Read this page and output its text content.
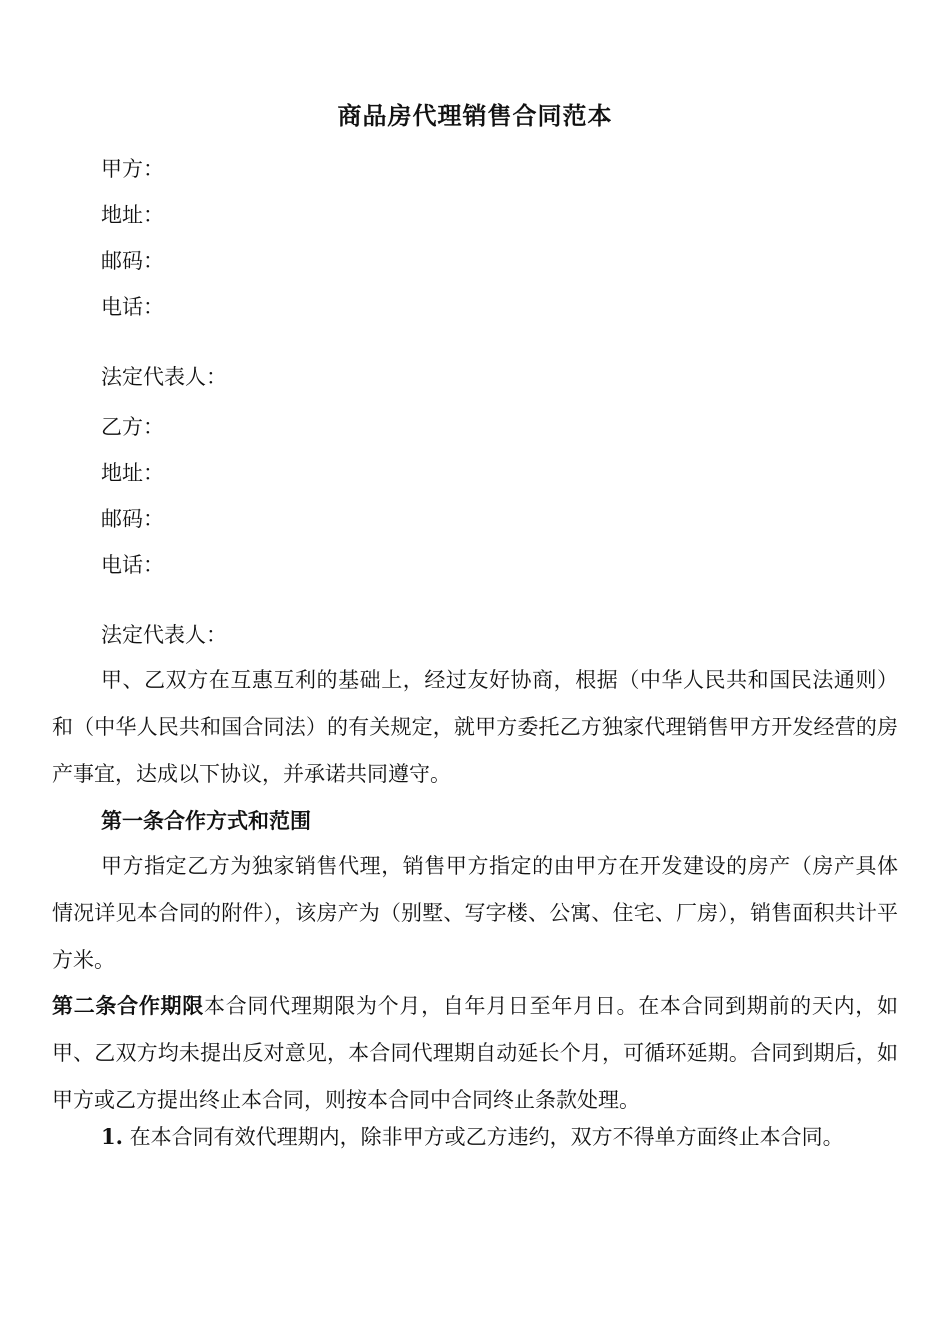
商品房代理销售合同范本
甲方：
地址：
邮码：
电话：
法定代表人：
乙方：
地址：
邮码：
电话：
法定代表人：
甲、乙双方在互惠互利的基础上，经过友好协商，根据（中华人民共和国民法通则）和（中华人民共和国合同法）的有关规定，就甲方委托乙方独家代理销售甲方开发经营的房产事宜，达成以下协议，并承诺共同遵守。
第一条合作方式和范围
甲方指定乙方为独家销售代理，销售甲方指定的由甲方在开发建设的房产（房产具体情况详见本合同的附件），该房产为（别墅、写字楼、公寓、住宅、厂房），销售面积共计平方米。
第二条合作期限本合同代理期限为个月，自年月日至年月日。在本合同到期前的天内，如甲、乙双方均未提出反对意见，本合同代理期自动延长个月，可循环延期。合同到期后，如甲方或乙方提出终止本合同，则按本合同中合同终止条款处理。
1. 在本合同有效代理期内，除非甲方或乙方违约，双方不得单方面终止本合同。
